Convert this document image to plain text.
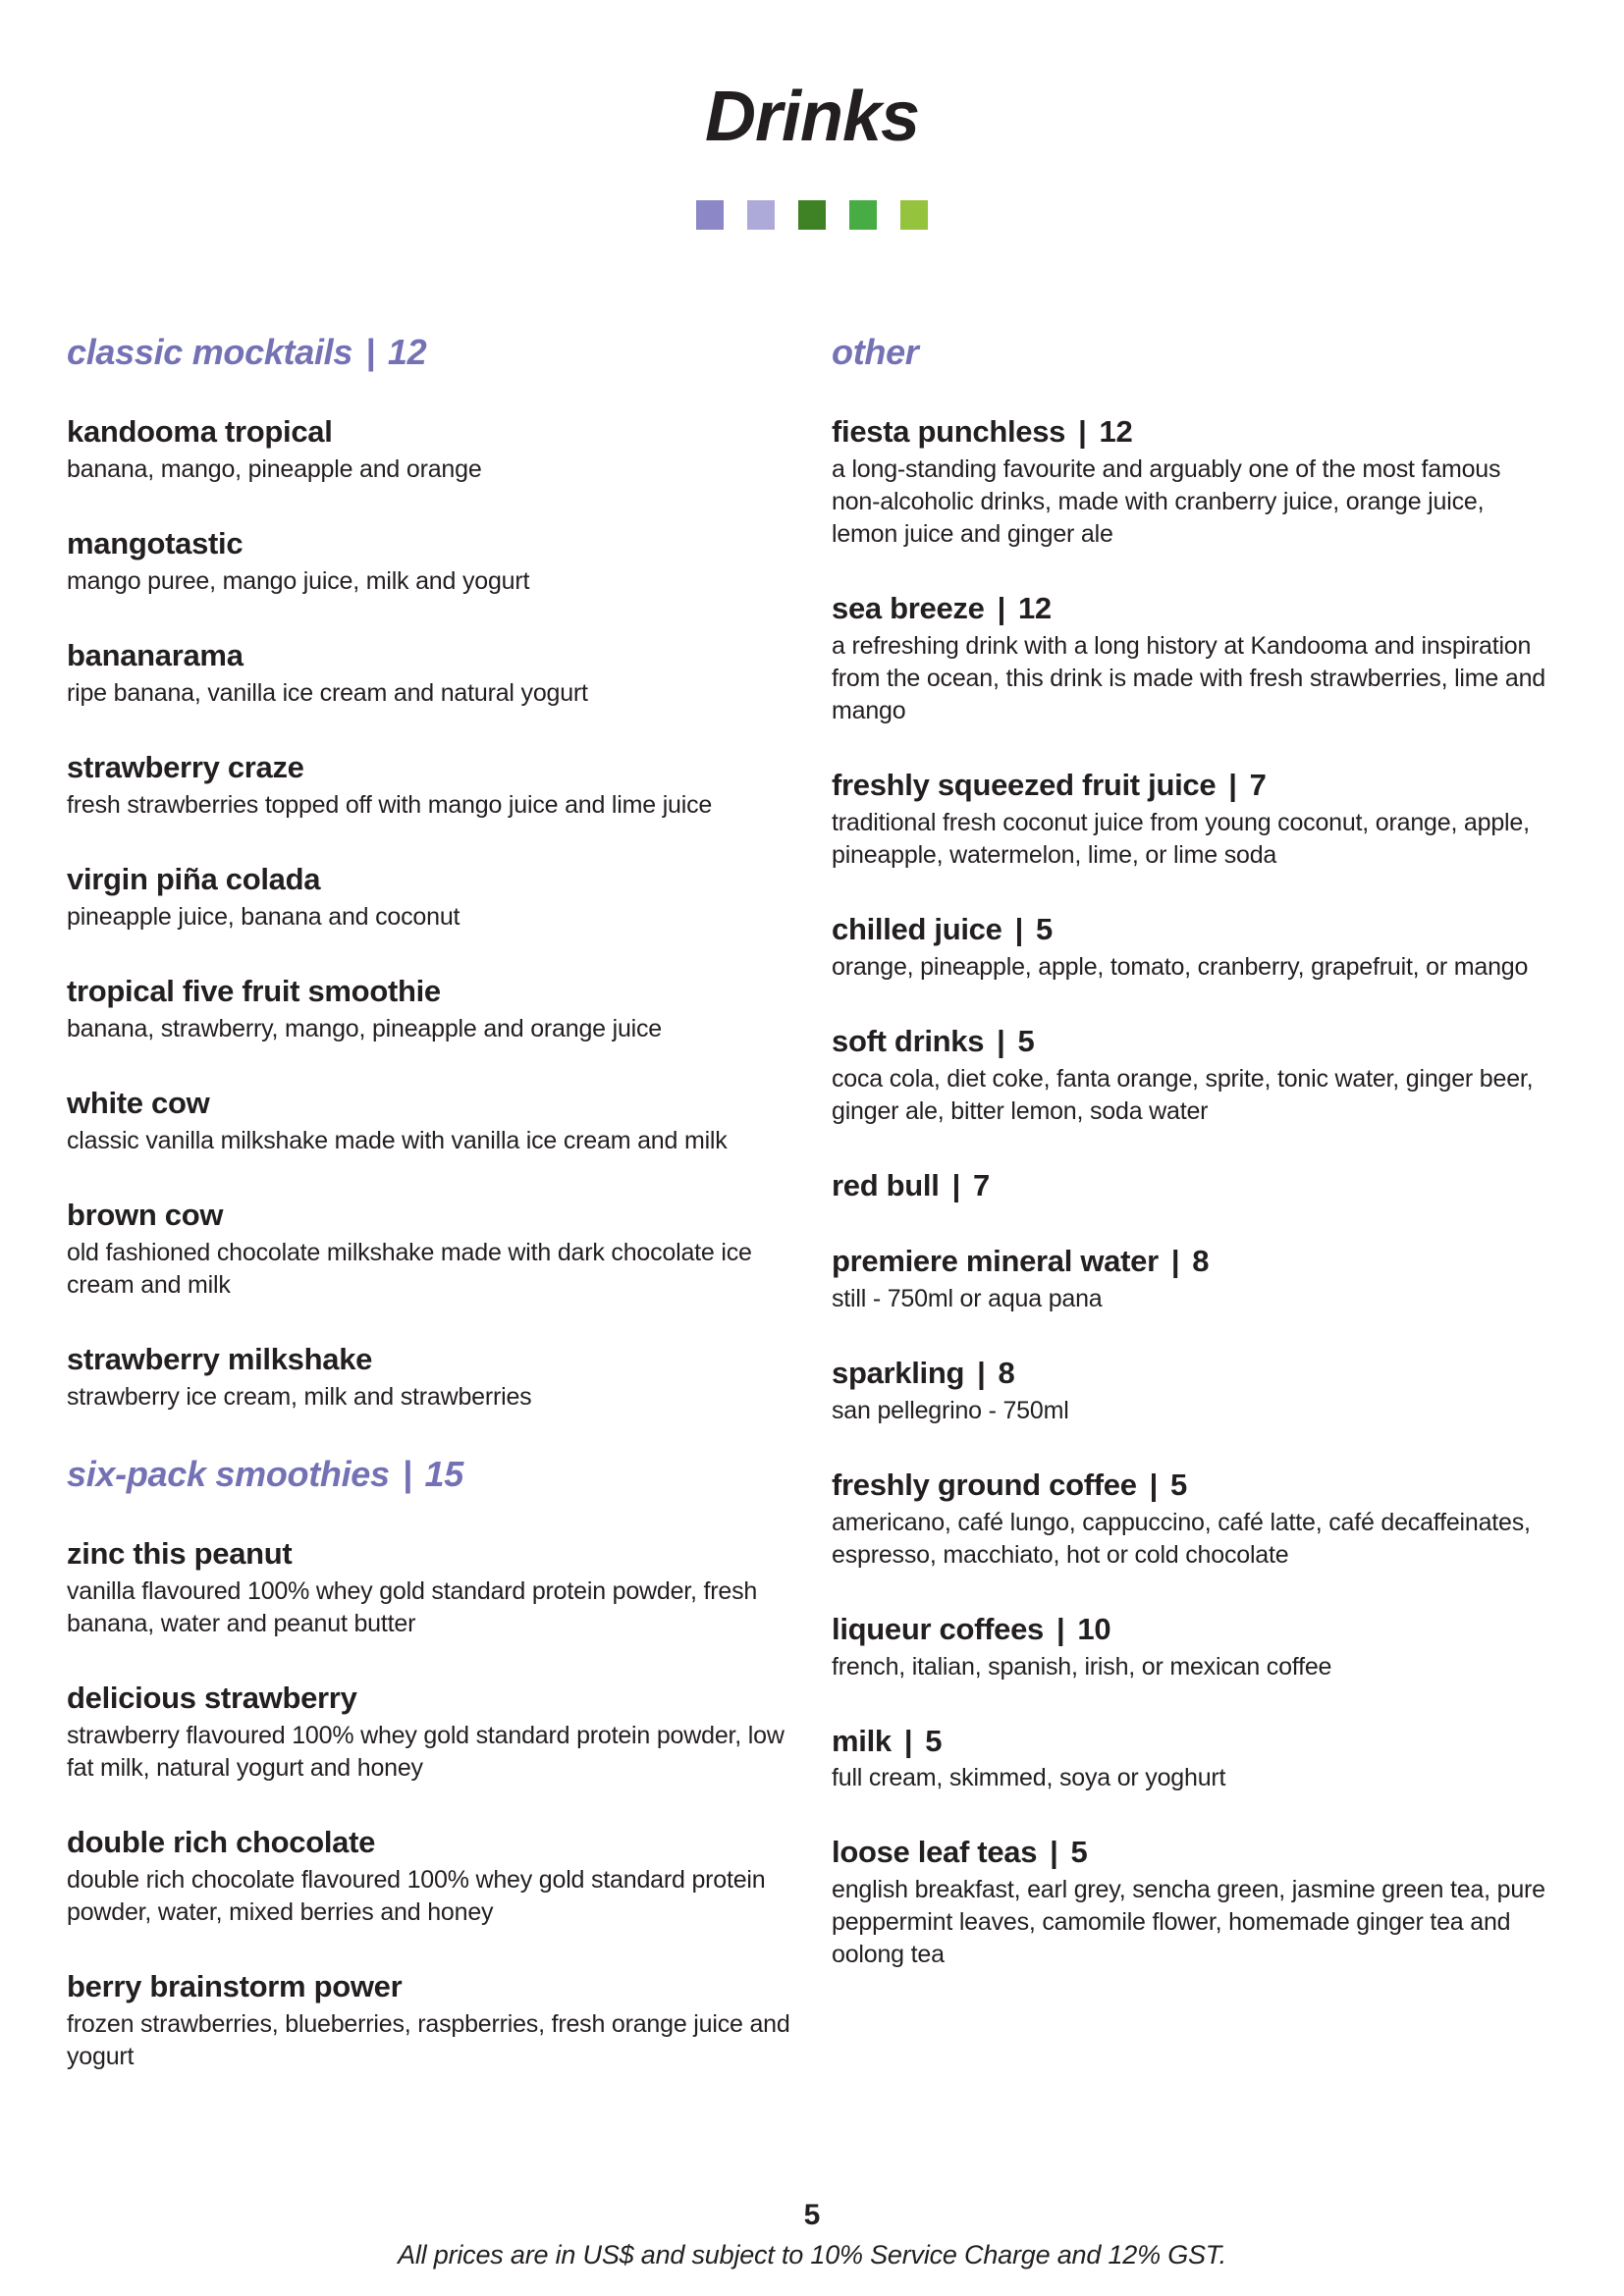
Drinks
classic mocktails | 12
kandooma tropical

banana, mango, pineapple and orange

mangotastic

mango puree, mango juice, milk and yogurt

bananarama

ripe banana, vanilla ice cream and natural yogurt

strawberry craze

fresh strawberries topped off with mango juice and lime juice

virgin piña colada

pineapple juice, banana and coconut

tropical five fruit smoothie

banana, strawberry, mango, pineapple and orange juice

white cow

classic vanilla milkshake made with vanilla ice cream and milk

brown cow

old fashioned chocolate milkshake made with dark chocolate ice cream and milk

strawberry milkshake

strawberry ice cream, milk and strawberries

six-pack smoothies | 15
zinc this peanut

vanilla flavoured 100% whey gold standard protein powder, fresh banana, water and peanut butter

delicious strawberry

strawberry flavoured 100% whey gold standard protein powder, low fat milk, natural yogurt and honey

double rich chocolate

double rich chocolate flavoured 100% whey gold standard protein powder, water, mixed berries and honey

berry brainstorm power

frozen strawberries, blueberries, raspberries, fresh orange juice and yogurt

other
fiesta punchless | 12

a long-standing favourite and arguably one of the most famous non-alcoholic drinks, made with cranberry juice, orange juice, lemon juice and ginger ale

sea breeze | 12

a refreshing drink with a long history at Kandooma and inspiration from the ocean, this drink is made with fresh strawberries, lime and mango

freshly squeezed fruit juice | 7

traditional fresh coconut juice from young coconut, orange, apple, pineapple, watermelon, lime, or lime soda

chilled juice | 5

orange, pineapple, apple, tomato, cranberry, grapefruit, or mango

soft drinks | 5

coca cola, diet coke, fanta orange, sprite, tonic water, ginger beer, ginger ale, bitter lemon, soda water

red bull | 7
premiere mineral water | 8

still - 750ml or aqua pana

sparkling | 8

san pellegrino - 750ml

freshly ground coffee | 5

americano, café lungo, cappuccino, café latte, café decaffeinates, espresso, macchiato, hot or cold chocolate

liqueur coffees | 10

french, italian, spanish, irish, or mexican coffee

milk | 5

full cream, skimmed, soya or yoghurt

loose leaf teas | 5

english breakfast, earl grey, sencha green, jasmine green tea, pure peppermint leaves, camomile flower, homemade ginger tea and oolong tea

5

All prices are in US$ and subject to 10% Service Charge and 12% GST.
